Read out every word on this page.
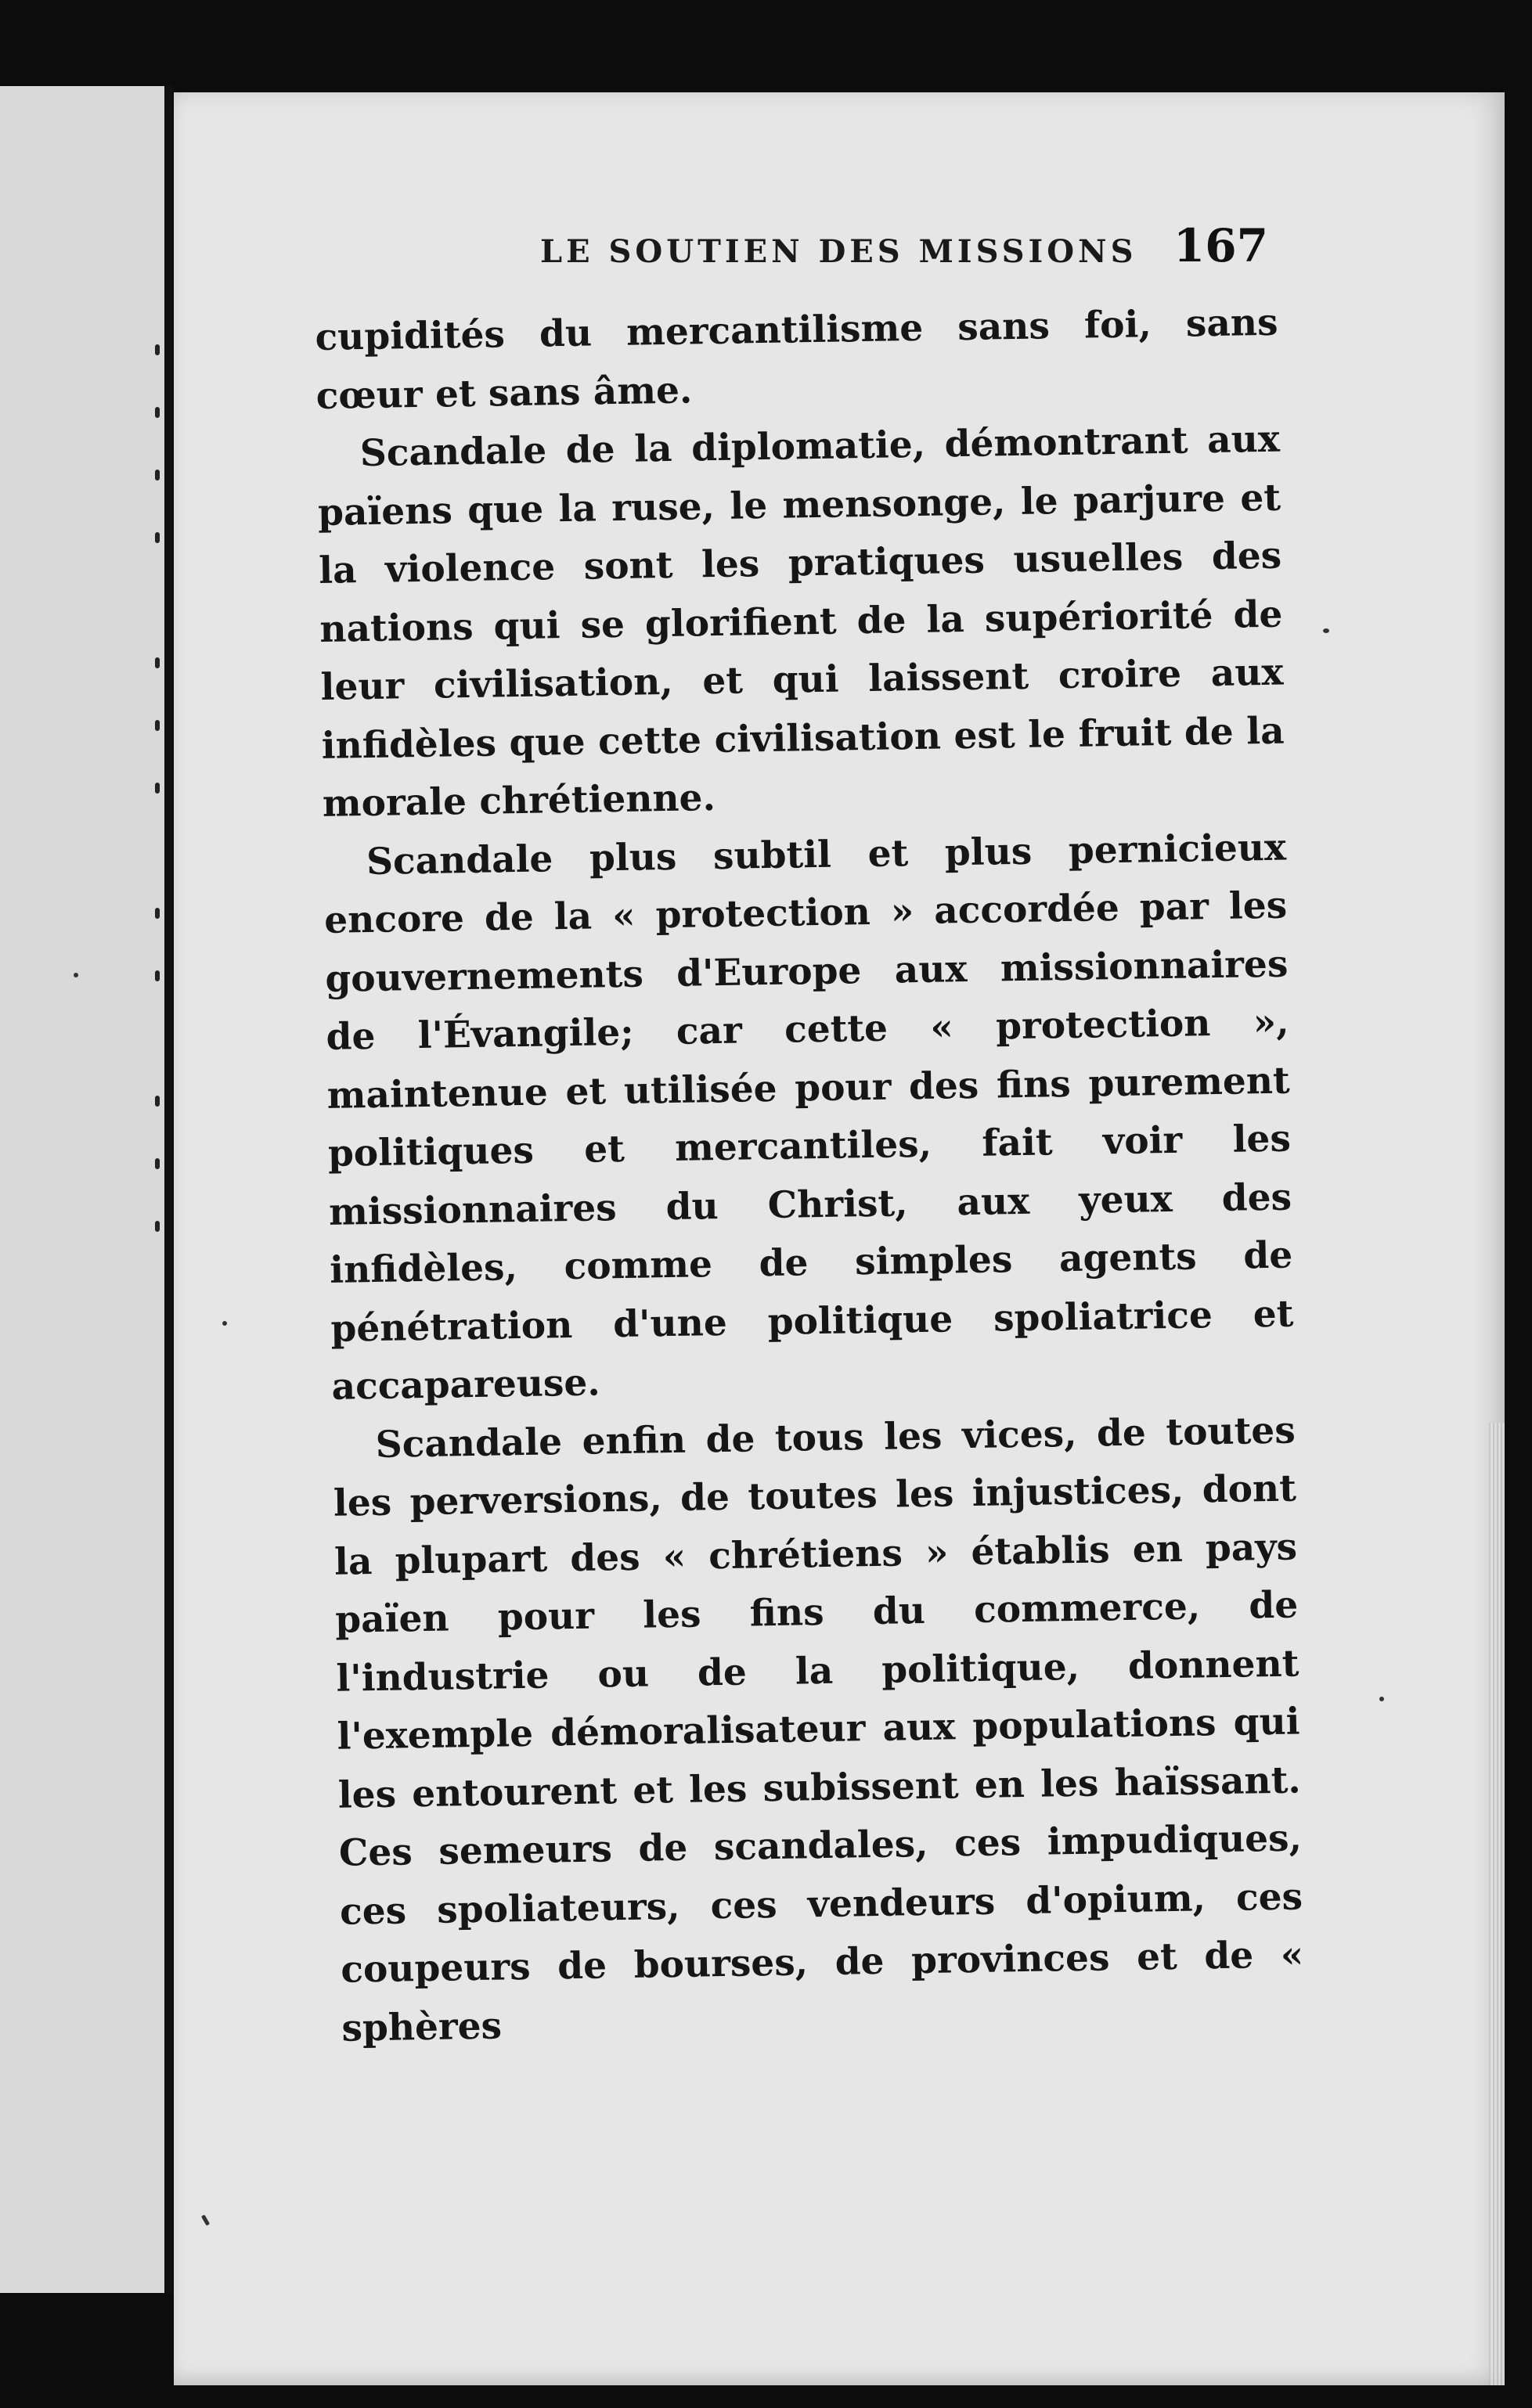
LE SOUTIEN DES MISSIONS 167

cupidités du mercantilisme sans foi, sans cœur et sans âme.

Scandale de la diplomatie, démontrant aux païens que la ruse, le mensonge, le parjure et la violence sont les pratiques usuelles des nations qui se glorifient de la supériorité de leur civilisation, et qui laissent croire aux infidèles que cette civilisation est le fruit de la morale chrétienne.

Scandale plus subtil et plus pernicieux encore de la « protection » accordée par les gouvernements d'Europe aux missionnaires de l'Évangile; car cette « protection », maintenue et utilisée pour des fins purement politiques et mercantiles, fait voir les missionnaires du Christ, aux yeux des infidèles, comme de simples agents de pénétration d'une politique spoliatrice et accapareuse.

Scandale enfin de tous les vices, de toutes les perversions, de toutes les injustices, dont la plupart des « chrétiens » établis en pays païen pour les fins du commerce, de l'industrie ou de la politique, donnent l'exemple démoralisateur aux populations qui les entourent et les subissent en les haïssant. Ces semeurs de scandales, ces impudiques, ces spoliateurs, ces vendeurs d'opium, ces coupeurs de bourses, de provinces et de « sphères
